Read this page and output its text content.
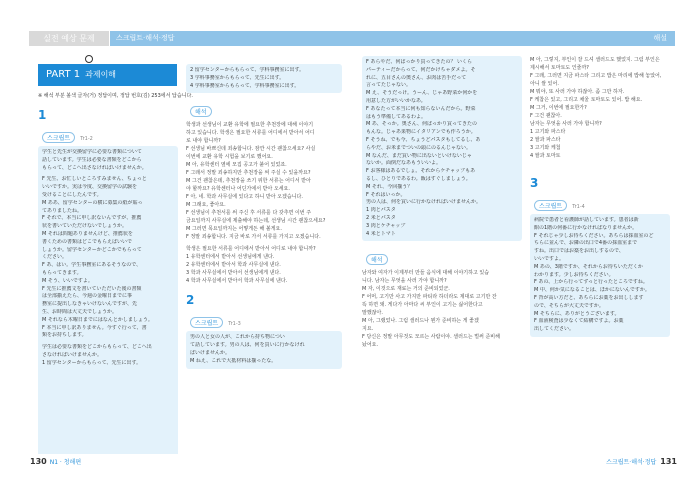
실전 예상 문제	스크립트·해석·정답	해설
PART 1 과제이해
※ 해석 부분 볼색 글자(거) 정답이며, 정답 번호(김) 253에서 답습니다.
1
스크립트 Tr1-2
学生と先生が交換留学に必要な書類について
話しています。学生は必要な書類をどこから
もらって、どこへ出さなければいけませんか。

F 先生、お忙しいところすみません、ちょっと
いいですか。実は今度、交換留学の試験を
受けることにしたんです。
M ああ、留学センターの横に募集の紙が貼っ
てありましたね。
F それで、本当に申し訳ないんですが、推薦
状を書いていただけないでしょうか。
M それは問題ありませんけど、推薦状を
書くための書類はどこでもらえばいいで
しょうか。留学センターかどこかでもらって
ください。
F あ、はい。学生事務室にあるそうなので、
もらってきます。
M そう、いいですよ。
F 先生に推薦文を書いていただいた後の書類
は全部揃えたら、今週の金曜日までに事
務室に提出しなきゃいけないんですが、先
生、お時間は大丈夫でしょうか。
M それなら木曜日までにはなんとかしましょう。
F 本当に申し訳ありません。今すぐ行って、書
類をお持ちします。

学生は必要な書類をどこからもらって、どこへ出
さなければいけませんか。
1 留学センターからもらって、先生に出す。
2 留学センターからもらって、学科事務室に出す。
3 学科事務室からもらって、先生に出す。
4 学科事務室からもらって、学科事務室に出す。
해석
학생과 선생님이 교환 유학에 필요한 추천장에 대해 이야기
하고 있습니다. 학생은 필요한 서류를 어디에서 받아서 어디
로 내야 합니까?
F 선생님 바쁘신데 죄송합니다. 잠깐 시간 괜찮으세요? 사실
이번에 교환 유학 시험을 보기로 했어요.
M 아, 유학센터 옆에 모집 공고가 붙어 있었죠.
F 그래서 정말 죄송하지만 추천장을 써 주실 수 있을까요?
M 그건 괜찮은데, 추천장을 쓰기 위한 서류는 어디서 받아
야 할까요? 유학센터나 어딘가에서 받아 오세요.
F 아, 네. 학과 사무실에 있다고 하니 받아 오겠습니다.
M 그래요, 좋아요.
F 선생님이 추천서를 써 주신 후 서류를 다 갖추면 이번 주
금요일까지 사무실에 제출해야 하는데, 선생님 시간 괜찮으세요?
M 그러면 목요일까지는 어떻게든 해 볼게요.
F 정말 죄송합니다. 지금 바로 가서 서류를 가지고 오겠습니다.

학생은 필요한 서류를 어디에서 받아서 어디로 내야 합니까?
1 유학센터에서 받아서 선생님에게 낸다.
2 유학센터에서 받아서 학과 사무실에 낸다.
3 학과 사무실에서 받아서 선생님에게 낸다.
4 학과 사무실에서 받아서 학과 사무실에 낸다.
2
스크립트 Tr1-3
男の人と女の人が、これから持ち物につい
て話しています。男の人は、何を買いに行かなけれ
ばいけませんか。
M ねえ、これで大抵材料は揃ったな。
F あらやだ、何ばっかり買ってきたの？ いくら
パーティーだからって、何だかけちゃダメよ。そ
れに、五目さんの奥さん、お肉は苦手だって
言ってたじゃない。
M え、そうだっけ。うーん、じゃあ野菜か何かを
用意した方がいいかなあ。
F あなたって本当に何も知らないんだから。野菜
はもう準備してあるわよ。
M あ、そっか。奥さん、何ばっかり買ってきたの
もんな。じゃあ果物にイタリアンでも作ろうか。
F そうね、でも今、ちょうどパスタもしてるし、あ
らやだ、お米までついの頭にのるんじゃない。
M なんだ、まだ買い物に出ないといけないじゃ
ないか。面倒だなあもういいよ。
F お客様はあるでしょ。それからケチャップもあ
るし、ひとりであるわ。飯はすぐしましょう。
M それ、今回揃う？
F それはいっか。
男の人は、何を買いに行かなければいけませんか。
1 肉とパスタ
2 米とパスタ
3 肉とケチャップ
4 米とトマト
해석
남자와 여자가 이제부터 만들 음식에 대해 이야기하고 있습
니다. 남자는 무엇을 사러 가야 합니까?
M 자, 이것으로 재료는 거의 준비되었군.
F 어머, 고기만 사고 가지만 파티라 하더라도 제대로 고기만 잔
뜩 하면 돼. 게다가 아마다 씨 부인이 고기는 싫어한다고
말했잖아.
M 아, 그랬었나. 그럼 샐러드나 뭔가 준비하는 게 좋겠
지요.
F 당신은 정말 아무것도 모르는 사람이야. 샐러드는 벌써 준비해
놨어요.
M 아, 그렇지, 부인이 잘 드셔 샐러드도 했었지. 그럼 부인은
제시해서 토마토도 인줄까?
F 그래, 그러면 지금 파스타 그리고 밥은 마리에 밥해 놓았어,
아니 쌀 있어.
M 뭐야, 또 사러 가야 하잖아. 좀 그만 하자.
F 케찹은 있고, 그리고 채울 토마토도 있어. 밥 해요.
M 그거, 이번에 필요한가?
F 그건 괜찮아.
남자는 무엇을 사러 가야 합니까?
1 고기와 파스타
2 쌀과 파스타
3 고기와 케첩
4 쌀과 토마토
3
스크립트 Tr1-4
病院で患者と看護師が話しています。患者は新
館の1階の何番に行かなければなりませんか。
F それじゃ少しお待ちください。あちらは採血室のど
ちらに並んで、お隣の出口で4番の採血室まで
すね。出口ではお薬をお出しするので、
いいですよ。
M あの、3階ですか、それからお待ちいただくか
わかります。少しお待ちください。
F あの、上から行ってずっと行ったところですね。
M 中、何か気になることは、ほかにないんですか。
F 背が高い方だと、あちらにお薬をお出しします
ので、そちらが大丈夫ですか。
M そちらに、ありがとうございます。
F 血液検査は少なくて結構ですよ。お薬
出してください。
130 N1 · 청해편	스크립트·해석·정답 131
